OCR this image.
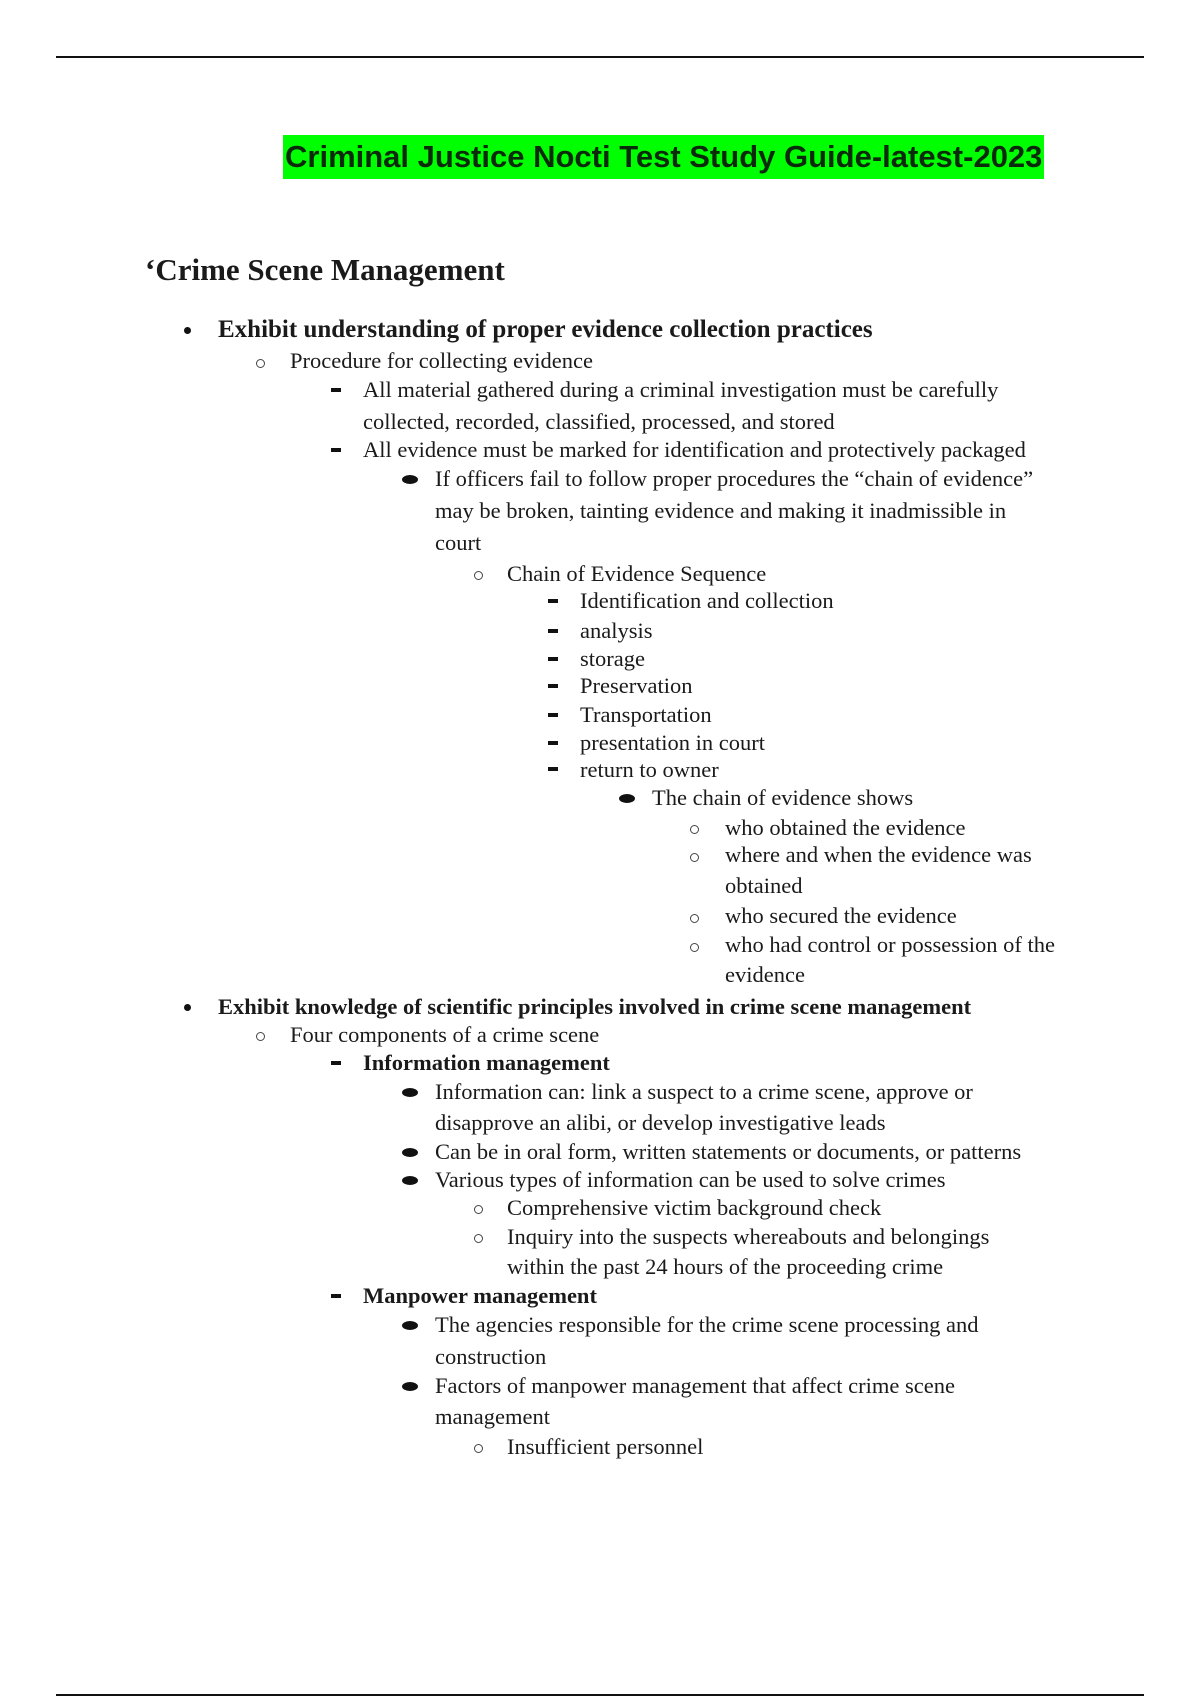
Criminal Justice Nocti Test Study Guide-latest-2023
‘Crime Scene Management
Exhibit understanding of proper evidence collection practices
Procedure for collecting evidence
All material gathered during a criminal investigation must be carefully
collected, recorded, classified, processed, and stored
All evidence must be marked for identification and protectively packaged
If officers fail to follow proper procedures the “chain of evidence”
may be broken, tainting evidence and making it inadmissible in
court
Chain of Evidence Sequence
Identification and collection
analysis
storage
Preservation
Transportation
presentation in court
return to owner
The chain of evidence shows
who obtained the evidence
where and when the evidence was
obtained
who secured the evidence
who had control or possession of the
evidence
Exhibit knowledge of scientific principles involved in crime scene management
Four components of a crime scene
Information management
Information can: link a suspect to a crime scene, approve or
disapprove an alibi, or develop investigative leads
Can be in oral form, written statements or documents, or patterns
Various types of information can be used to solve crimes
Comprehensive victim background check
Inquiry into the suspects whereabouts and belongings
within the past 24 hours of the proceeding crime
Manpower management
The agencies responsible for the crime scene processing and
construction
Factors of manpower management that affect crime scene
management
Insufficient personnel
